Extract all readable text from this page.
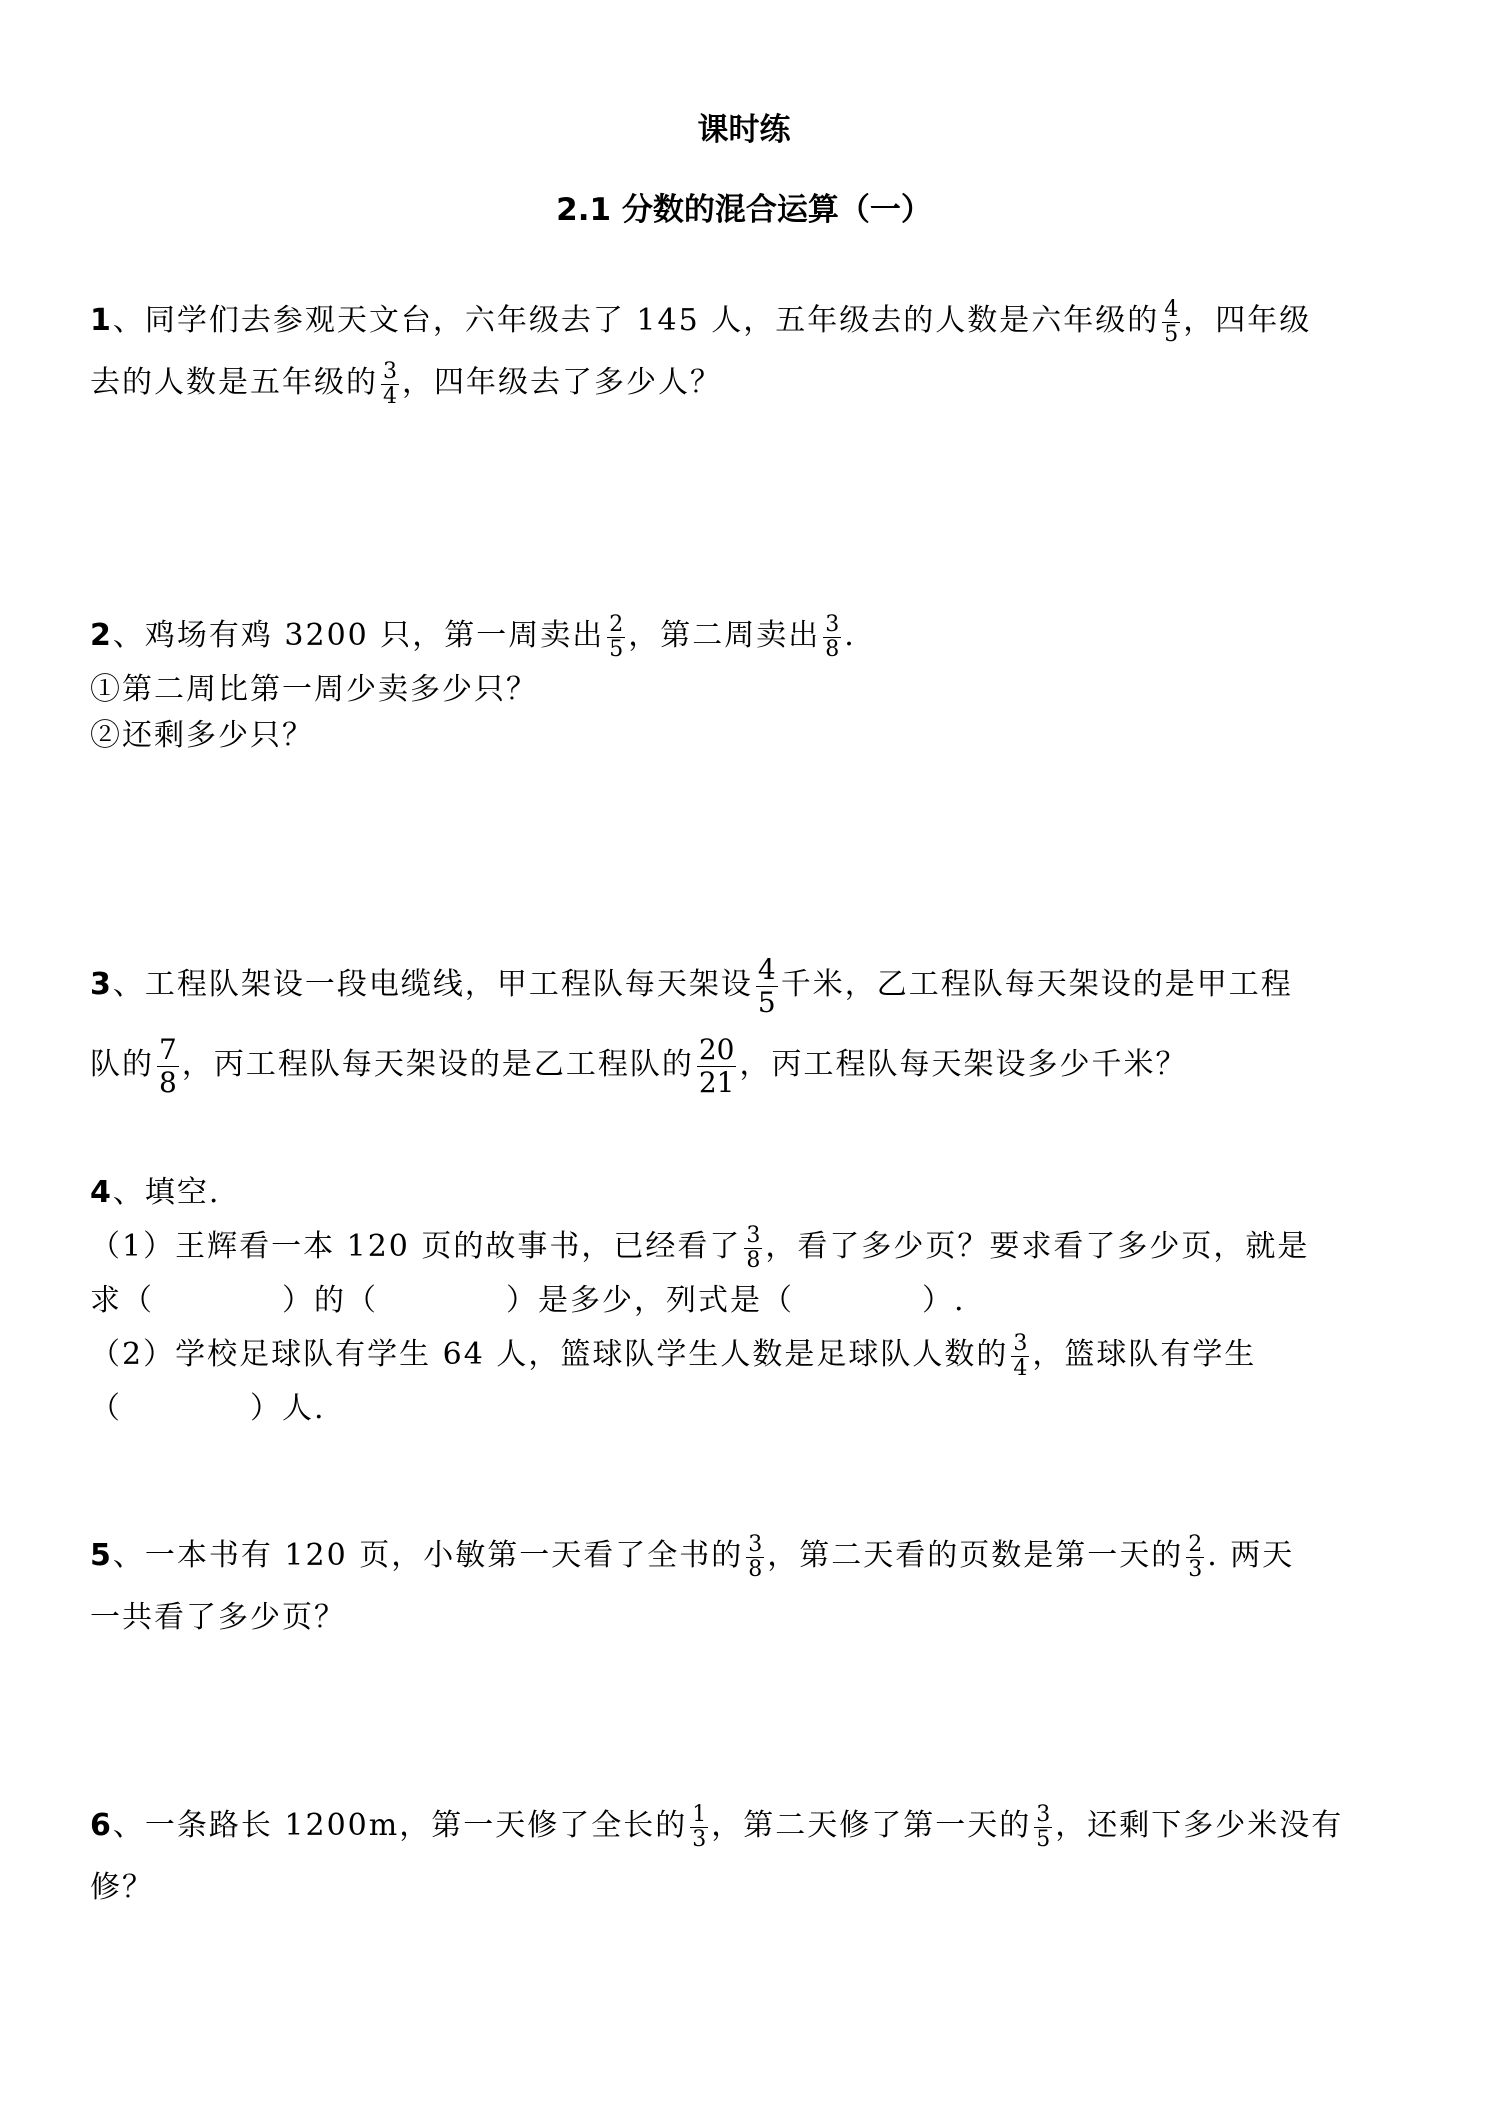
课时练
2.1 分数的混合运算（一）
1、同学们去参观天文台，六年级去了 145 人，五年级去的人数是六年级的 $\frac{4}{5}$ ，四年级
去的人数是五年级的 $\frac{3}{4}$ ，四年级去了多少人？
2、鸡场有鸡 3200 只，第一周卖出 $\frac{2}{5}$ ，第二周卖出 $\frac{3}{8}$ .
①第二周比第一周少卖多少只？
②还剩多少只？
3、工程队架设一段电缆线，甲工程队每天架设 $\frac{4}{5}$ 千米，乙工程队每天架设的是甲工程
队的 $\frac{7}{8}$ ，丙工程队每天架设的是乙工程队的 $\frac{20}{21}$ ，丙工程队每天架设多少千米？
4、填空.
（1）王辉看一本 120 页的故事书，已经看了 $\frac{3}{8}$ ，看了多少页？要求看了多少页，就是
求（　　　　）的（　　　　）是多少，列式是（　　　　）.
（2）学校足球队有学生 64 人，篮球队学生人数是足球队人数的 $\frac{3}{4}$ ，篮球队有学生
（　　　　）人.
5、一本书有 120 页，小敏第一天看了全书的 $\frac{3}{8}$ ，第二天看的页数是第一天的 $\frac{2}{3}$ . 两天
一共看了多少页？
6、一条路长 1200m，第一天修了全长的 $\frac{1}{3}$ ，第二天修了第一天的 $\frac{3}{5}$ ，还剩下多少米没有
修？
